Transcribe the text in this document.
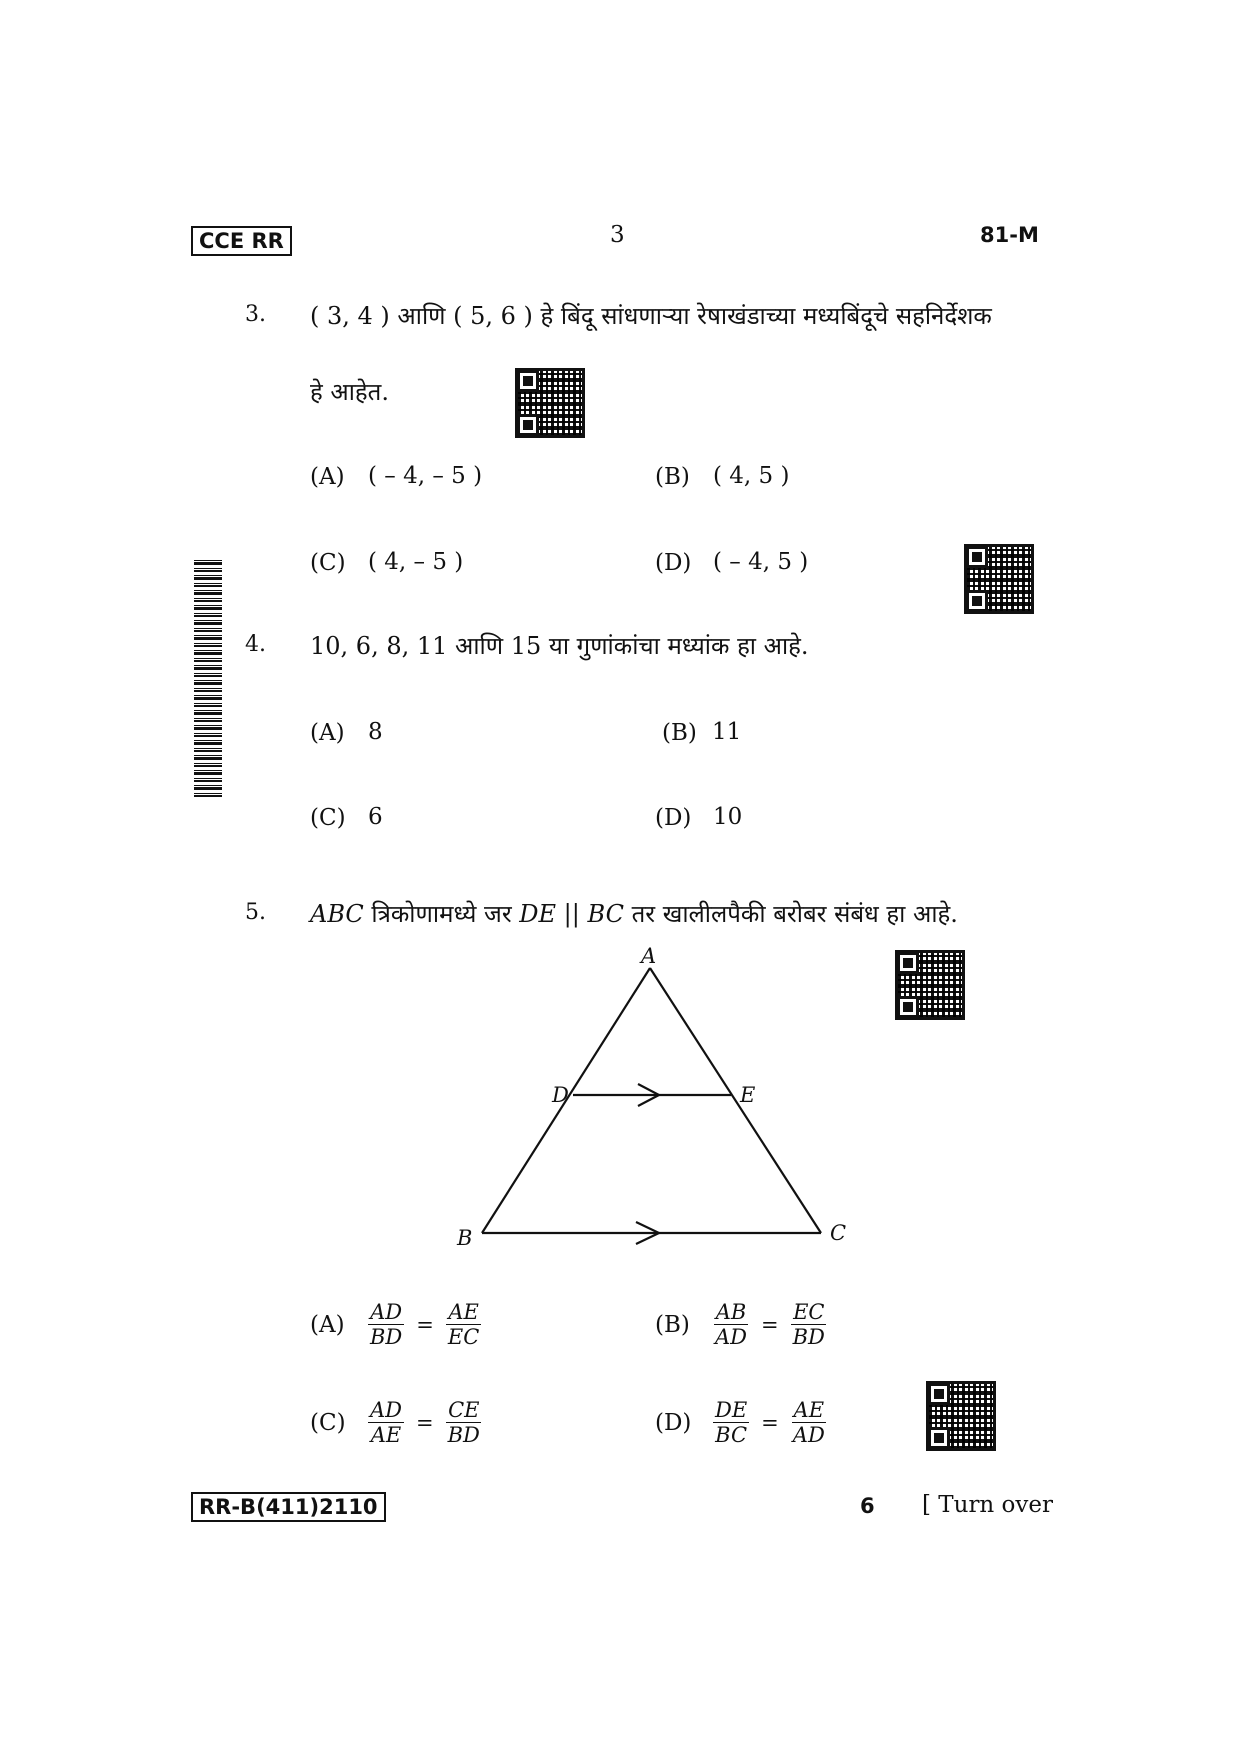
CCE RR	3	81-M
3. ( 3, 4 ) आणि ( 5, 6 ) हे बिंदू सांधणाऱ्या रेषाखंडाच्या मध्यबिंदूचे सहनिर्देशक
हे आहेत.
(A) ( – 4, – 5 )	(B) ( 4, 5 )
(C) ( 4, – 5 )	(D) ( – 4, 5 )
4. 10, 6, 8, 11 आणि 15 या गुणांकांचा मध्यांक हा आहे.
(A) 8	(B) 11
(C) 6	(D) 10
5. ABC त्रिकोणामध्ये जर DE || BC तर खालीलपैकी बरोबर संबंध हा आहे.
A
D	E
B	C
$(A) \frac{AD}{BD} = \frac{AE}{EC}$	$(B) \frac{AB}{AD} = \frac{EC}{BD}$
$(C) \frac{AD}{AE} = \frac{CE}{BD}$	$(D) \frac{DE}{BC} = \frac{AE}{AD}$
RR-B(411)2110	6 [ Turn over
